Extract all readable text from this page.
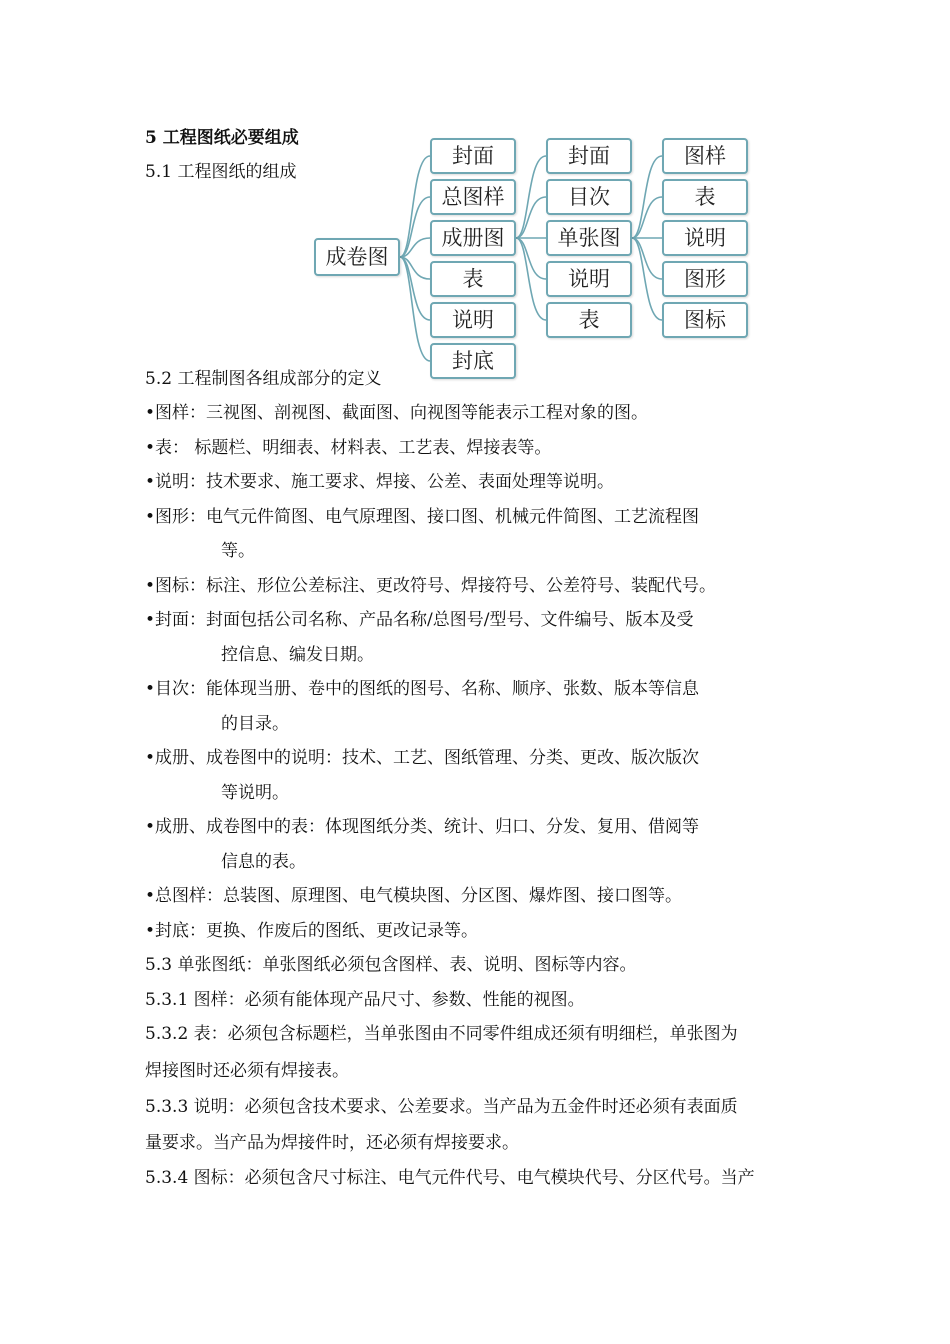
5 工程图纸必要组成
5.1 工程图纸的组成
成卷图
封面
总图样
成册图
表
说明
封底
封面
目次
单张图
说明
表
图样
表
说明
图形
图标
5.2 工程制图各组成部分的定义
•图样：三视图、剖视图、截面图、向视图等能表示工程对象的图。
•表： 标题栏、明细表、材料表、工艺表、焊接表等。
•说明：技术要求、施工要求、焊接、公差、表面处理等说明。
•图形：电气元件简图、电气原理图、接口图、机械元件简图、工艺流程图
等。
•图标：标注、形位公差标注、更改符号、焊接符号、公差符号、装配代号。
•封面：封面包括公司名称、产品名称/总图号/型号、文件编号、版本及受
控信息、编发日期。
•目次：能体现当册、卷中的图纸的图号、名称、顺序、张数、版本等信息
的目录。
•成册、成卷图中的说明：技术、工艺、图纸管理、分类、更改、版次版次
等说明。
•成册、成卷图中的表：体现图纸分类、统计、归口、分发、复用、借阅等
信息的表。
•总图样：总装图、原理图、电气模块图、分区图、爆炸图、接口图等。
•封底：更换、作废后的图纸、更改记录等。
5.3 单张图纸：单张图纸必须包含图样、表、说明、图标等内容。
5.3.1 图样：必须有能体现产品尺寸、参数、性能的视图。
5.3.2 表：必须包含标题栏，当单张图由不同零件组成还须有明细栏，单张图为
焊接图时还必须有焊接表。
5.3.3 说明：必须包含技术要求、公差要求。当产品为五金件时还必须有表面质
量要求。当产品为焊接件时，还必须有焊接要求。
5.3.4 图标：必须包含尺寸标注、电气元件代号、电气模块代号、分区代号。当产
